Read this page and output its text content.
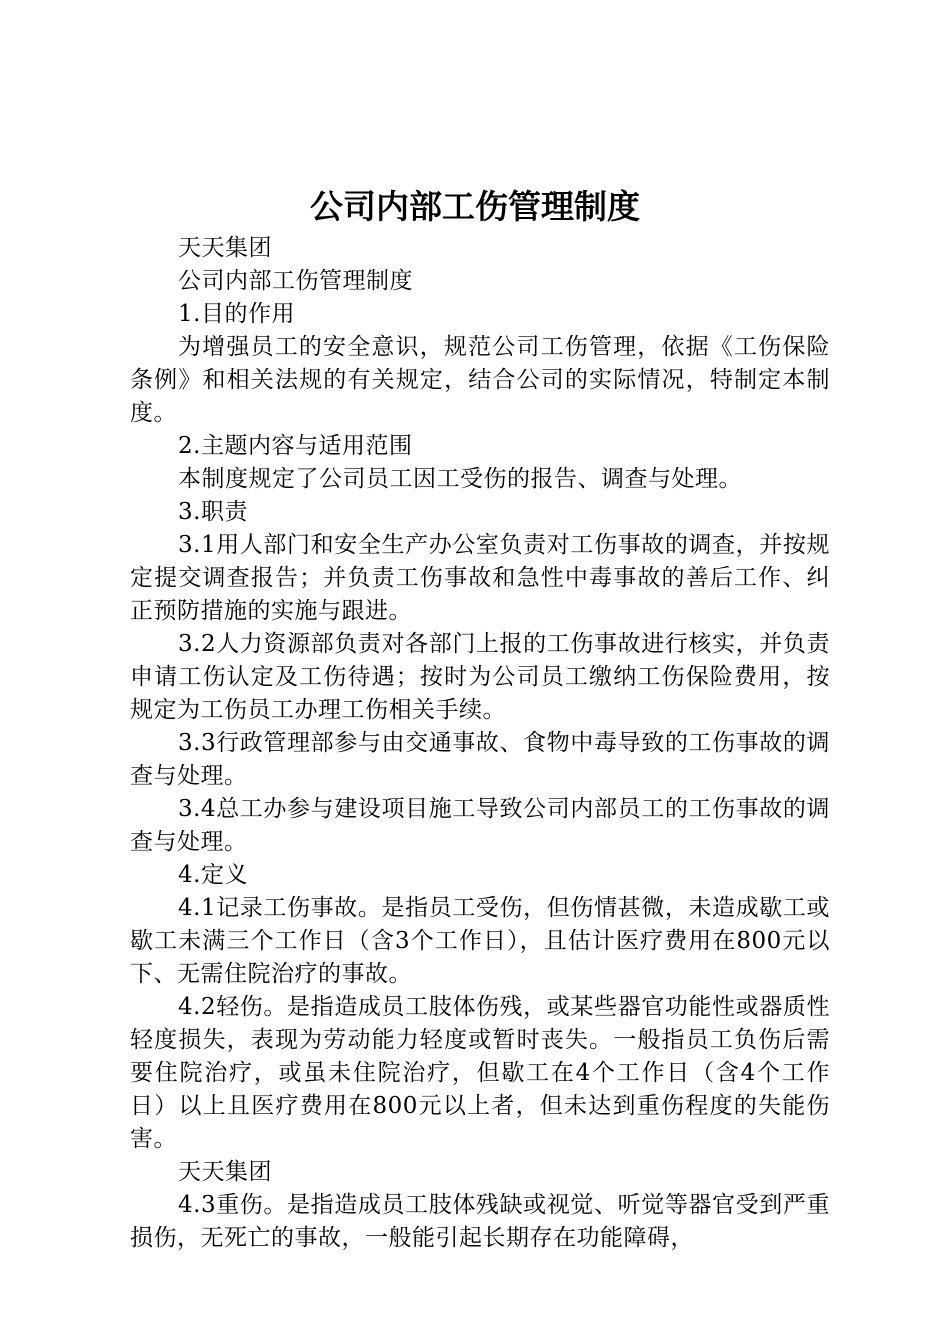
公司内部工伤管理制度

天天集团

公司内部工伤管理制度

1.目的作用

为增强员工的安全意识，规范公司工伤管理，依据《工伤保险条例》和相关法规的有关规定，结合公司的实际情况，特制定本制度。

2.主题内容与适用范围

本制度规定了公司员工因工受伤的报告、调查与处理。

3.职责

3.1用人部门和安全生产办公室负责对工伤事故的调查，并按规定提交调查报告；并负责工伤事故和急性中毒事故的善后工作、纠正预防措施的实施与跟进。

3.2人力资源部负责对各部门上报的工伤事故进行核实，并负责申请工伤认定及工伤待遇；按时为公司员工缴纳工伤保险费用，按规定为工伤员工办理工伤相关手续。

3.3行政管理部参与由交通事故、食物中毒导致的工伤事故的调查与处理。

3.4总工办参与建设项目施工导致公司内部员工的工伤事故的调查与处理。

4.定义

4.1记录工伤事故。是指员工受伤，但伤情甚微，未造成歇工或歇工未满三个工作日（含3个工作日），且估计医疗费用在800元以下、无需住院治疗的事故。

4.2轻伤。是指造成员工肢体伤残，或某些器官功能性或器质性轻度损失，表现为劳动能力轻度或暂时丧失。一般指员工负伤后需要住院治疗，或虽未住院治疗，但歇工在4个工作日（含4个工作日）以上且医疗费用在800元以上者，但未达到重伤程度的失能伤害。

天天集团

4.3重伤。是指造成员工肢体残缺或视觉、听觉等器官受到严重损伤，无死亡的事故，一般能引起长期存在功能障碍，
